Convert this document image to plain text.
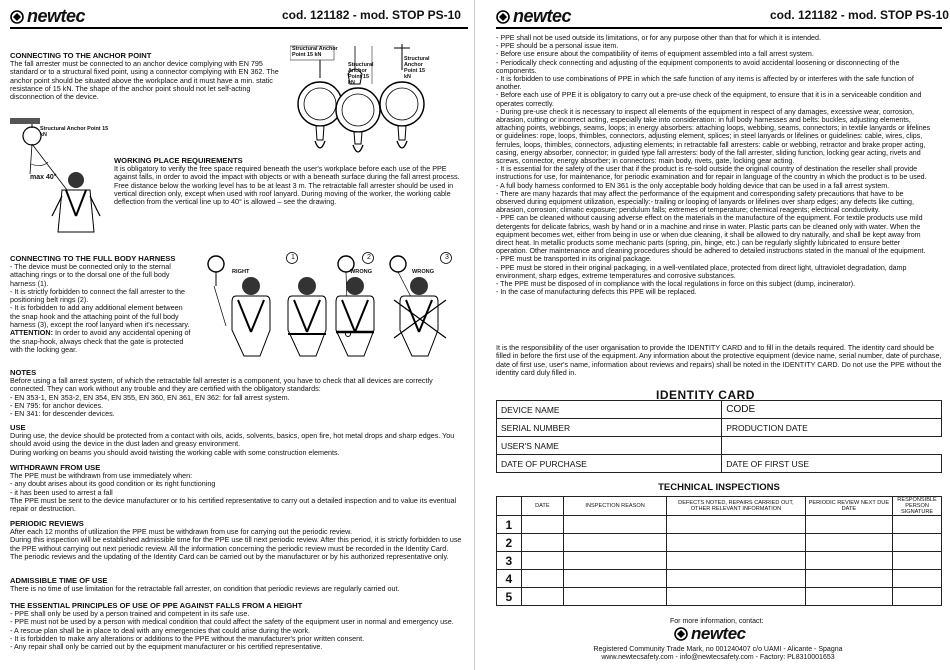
newtec	cod. 121182 - mod. STOP PS-10
CONNECTING TO THE ANCHOR POINT
The fall arrester must be connected to an anchor device complying with EN 795 standard or to a structural fixed point, using a connector complying with EN 362. The anchor point should be situated above the workplace and it must have a min. static resistance of 15 kN. The shape of the anchor point should not let self-acting disconnection of the device.
Structural Anchor Point 15 kN
Structural Anchor Point 15 kN
Structural Anchor Point 15 kN
Structural Anchor Point 15 kN
max 40°
WORKING PLACE REQUIREMENTS
It is obligatory to verify the free space required beneath the user's workplace before each use of the PPE against falls, in order to avoid the impact with objects or with a beneath surface during the fall arrest process. Free distance below the working level has to be at least 3 m. The retractable fall arrester should be used in vertical direction only, except when used with roof lanyard. During moving of the worker, the working cable deflection from the vertical line up to 40° is allowed – see the drawing.
CONNECTING TO THE FULL BODY HARNESS

- The device must be connected only to the sternal attaching rings or to the dorsal one of the full body harness (1).

- It is strictly forbidden to connect the fall arrester to the positioning belt rings (2).

- It is forbidden to add any additional element between the snap hook and the attaching point of the full body harness (3), except the roof lanyard when it's necessary.

ATTENTION: In order to avoid any accidental opening of the snap-hook, always check that the gate is protected with the locking gear.

1	2	3
RIGHT	WRONG	WRONG
NOTES

Before using a fall arrest system, of which the retractable fall arrester is a component, you have to check that all devices are correctly connected. They can work without any trouble and they are certified with the obligatory standards:

- EN 353-1, EN 353-2, EN 354, EN 355, EN 360, EN 361, EN 362: for fall arrest system.

- EN 795: for anchor devices.

- EN 341: for descender devices.

USE

During use, the device should be protected from a contact with oils, acids, solvents, basics, open fire, hot metal drops and sharp edges. You should avoid using the device in the dust laden and greasy environment.

During working on beams you should avoid twisting the working cable with some construction elements.

WITHDRAWN FROM USE

The PPE must be withdrawn from use immediately when:

- any doubt arises about its good condition or its right functioning

- it has been used to arrest a fall

The PPE must be sent to the device manufacturer or to his certified representative to carry out a detailed inspection and to value its eventual repair or destruction.

PERIODIC REVIEWS

After each 12 months of utilization the PPE must be withdrawn from use for carrying out the periodic review.

During this inspection will be established admissible time for the PPE use till next periodic review. After this period, it is strictly forbidden to use the PPE without carrying out next periodic review. All the information concerning the periodic review must be recorded in the Identity Card. The periodic reviews and the updating of the Identity Card can be carried out by the manufacturer or by his authorized representative only.

ADMISSIBLE TIME OF USE
There is no time of use limitation for the retractable fall arrester, on condition that periodic reviews are regularly carried out.
THE ESSENTIAL PRINCIPLES OF USE OF PPE AGAINST FALLS FROM A HEIGHT

- PPE shall only be used by a person trained and competent in its safe use.

- PPE must not be used by a person with medical condition that could affect the safety of the equipment user in normal and emergency use.

- A rescue plan shall be in place to deal with any emergencies that could arise during the work.

- It is forbidden to make any alterations or additions to the PPE without the manufacturer's prior written consent.

- Any repair shall only be carried out by the equipment manufacturer or his certified representative.

newtec	cod. 121182 - mod. STOP PS-10
- PPE shall not be used outside its limitations, or for any purpose other than that for which it is intended.
- PPE should be a personal issue item.
- Before use ensure about the compatibility of items of equipment assembled into a fall arrest system.
- Periodically check connecting and adjusting of the equipment components to avoid accidental loosening or disconnecting of the components.
- It is forbidden to use combinations of PPE in which the safe function of any items is affected by or interferes with the safe function of another.
- Before each use of PPE it is obligatory to carry out a pre-use check of the equipment, to ensure that it is in a serviceable condition and operates correctly.
- During pre-use check it is necessary to inspect all elements of the equipment in respect of any damages, excessive wear, corrosion, abrasion, cutting or incorrect acting, especially take into consideration: in full body harnesses and belts: buckles, adjusting elements, attaching points, webbings, seams, loops; in energy absorbers: attaching loops, webbing, seams, connectors; in textile lanyards or lifelines or guidelines: rope, loops, thimbles, connectors, adjusting element, splices; in steel lanyards or lifelines or guidelines: cable, wires, clips, ferrules, loops, thimbles, connectors, adjusting elements; in retractable fall arresters: cable or webbing, retractor and brake proper acting, casing, energy absorber, connector; in guided type fall arresters: body of the fall arrester, sliding function, locking gear acting, rivets and screws, connector, energy absorber; in connectors: main body, rivets, gate, locking gear acting.
- It is essential for the safety of the user that if the product is re-sold outside the original country of destination the reseller shall provide instructions for use, for maintenance, for periodic examination and for repair in language of the country in which the product is to be used.
- A full body harness conformed to EN 361 is the only acceptable body holding device that can be used in a fall arrest system.
- There are many hazards that may affect the performance of the equipment and corresponding safety precautions that have to be observed during equipment utilization, especially:- trailing or looping of lanyards or lifelines over sharp edges; any defects like cutting, abrasion, corrosion; climatic exposure; pendulum falls; extremes of temperature; chemical reagents; electrical conductivity.
- PPE can be cleaned without causing adverse effect on the materials in the manufacture of the equipment. For textile products use mild detergents for delicate fabrics, wash by hand or in a machine and rinse in water. Plastic parts can be cleaned only with water. When the equipment becomes wet, either from being in use or when due cleaning, it shall be allowed to dry naturally, and shall be kept away from direct heat. In metallic products some mechanic parts (spring, pin, hinge, etc.) can be regularly slightly lubricated to ensure better operation. Other maintenance and cleaning procedures should be adhered to detailed instructions stated in the manual of the equipment.
- PPE must be transported in its original package.
- PPE must be stored in their original packaging, in a well-ventilated place, protected from direct light, ultraviolet degradation, damp environment, sharp edges, extreme temperatures and corrosive substances.
- The PPE must be disposed of in compliance with the local regulations in force on this subject (dump, incinerator).
- In the case of manufacturing defects this PPE will be replaced.
It is the responsibility of the user organisation to provide the IDENTITY CARD and to fill in the details required. The identity card should be filled in before the first use of the equipment. Any information about the protective equipment (device name, serial number, date of purchase, date of first use, user's name, information about reviews and repairs) shall be noted in the IDENTITY CARD. Do not use the PPE without the identity card duly filled in.
IDENTITY CARD
DEVICE NAME	CODE
SERIAL NUMBER	PRODUCTION DATE
USER'S NAME	
DATE OF PURCHASE	DATE OF FIRST USE
TECHNICAL INSPECTIONS
	DATE	INSPECTION REASON	DEFECTS NOTED, REPAIRS CARRIED OUT, OTHER RELEVANT INFORMATION	PERIODIC REVIEW NEXT DUE DATE	RESPONSIBLE PERSON SIGNATURE
1					
2					
3					
4					
5					
For more information, contact:
newtec
Registered Community Trade Mark, no 001240407 c/o UAMI - Alicante - Spagna
www.newtecsafety.com - info@newtecsafety.com - Factory: PL8310001653
